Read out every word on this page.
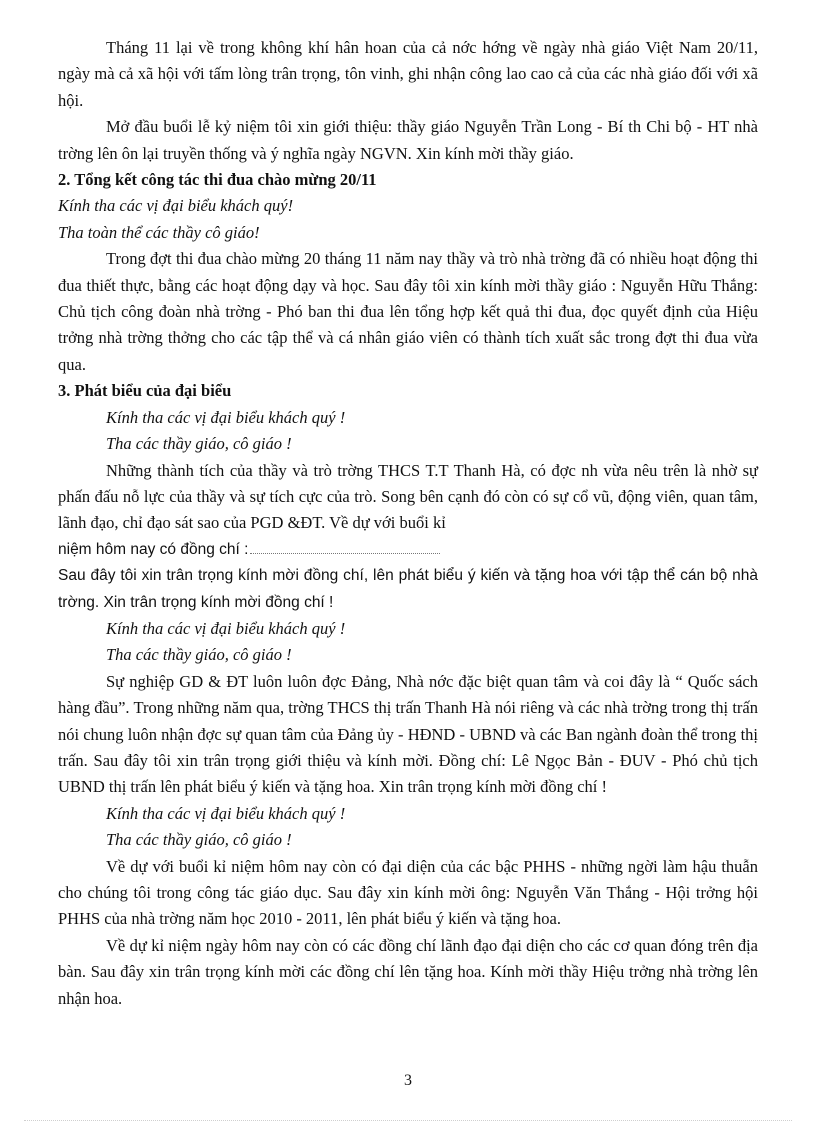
Tháng 11 lại về trong không khí hân hoan của cả nớc hớng về ngày nhà giáo Việt Nam 20/11, ngày mà cả xã hội với tấm lòng trân trọng, tôn vinh, ghi nhận công lao cao cả của các nhà giáo đối với xã hội.

Mở đầu buổi lễ kỷ niệm tôi xin giới thiệu: thầy giáo Nguyễn Trần Long - Bí th Chi bộ - HT nhà trờng lên ôn lại truyền thống và ý nghĩa ngày NGVN. Xin kính mời thầy giáo.

2. Tổng kết công tác thi đua chào mừng 20/11

Kính tha các vị đại biểu khách quý!

Tha toàn thể các thầy cô giáo!

Trong đợt thi đua chào mừng 20 tháng 11 năm nay thầy và trò nhà trờng đã có nhiều hoạt động thi đua thiết thực, bằng các hoạt động dạy và học. Sau đây tôi xin kính mời thầy giáo : Nguyễn Hữu Thắng: Chủ tịch công đoàn nhà trờng - Phó ban thi đua lên tổng hợp kết quả thi đua, đọc quyết định của Hiệu trởng nhà trờng thởng cho các tập thể và cá nhân giáo viên có thành tích xuất sắc trong đợt thi đua vừa qua.

3. Phát biểu của đại biểu

Kính tha các vị đại biểu khách quý !

Tha các thầy giáo, cô giáo !

Những thành tích của thầy và trò trờng THCS T.T Thanh Hà, có đợc nh vừa nêu trên là nhờ sự phấn đấu nỗ lực của thầy và sự tích cực của trò. Song bên cạnh đó còn có sự cổ vũ, động viên, quan tâm, lãnh đạo, chỉ đạo sát sao của PGD &ĐT. Về dự với buổi kỉ

niệm hôm nay có đồng chí :

Sau đây tôi xin trân trọng kính mời đồng chí, lên phát biểu ý kiến và tặng hoa với tập thể cán bộ nhà trờng. Xin trân trọng kính mời đồng chí !

Kính tha các vị đại biểu khách quý !

Tha các thầy giáo, cô giáo !

Sự nghiệp GD & ĐT luôn luôn đợc Đảng, Nhà nớc đặc biệt quan tâm và coi đây là “ Quốc sách hàng đầu”. Trong những năm qua, trờng THCS thị trấn Thanh Hà nói riêng và các nhà trờng trong thị trấn nói chung luôn nhận đợc sự quan tâm của Đảng ủy - HĐND - UBND và các Ban ngành đoàn thể trong thị trấn. Sau đây tôi xin trân trọng giới thiệu và kính mời. Đồng chí: Lê Ngọc Bản - ĐUV - Phó chủ tịch UBND thị trấn lên phát biểu ý kiến và tặng hoa. Xin trân trọng kính mời đồng chí !

Kính tha các vị đại biểu khách quý !

Tha các thầy giáo, cô giáo !

Về dự với buổi kỉ niệm hôm nay còn có đại diện của các bậc PHHS - những ngời làm hậu thuẫn cho chúng tôi trong công tác giáo dục. Sau đây xin kính mời ông: Nguyễn Văn Thắng - Hội trởng hội PHHS của nhà trờng năm học 2010 - 2011, lên phát biểu ý kiến và tặng hoa.

Về dự kỉ niệm ngày hôm nay còn có các đồng chí lãnh đạo đại diện cho các cơ quan đóng trên địa bàn. Sau đây xin trân trọng kính mời các đồng chí lên tặng hoa. Kính mời thầy Hiệu trởng nhà trờng lên nhận hoa.

3
